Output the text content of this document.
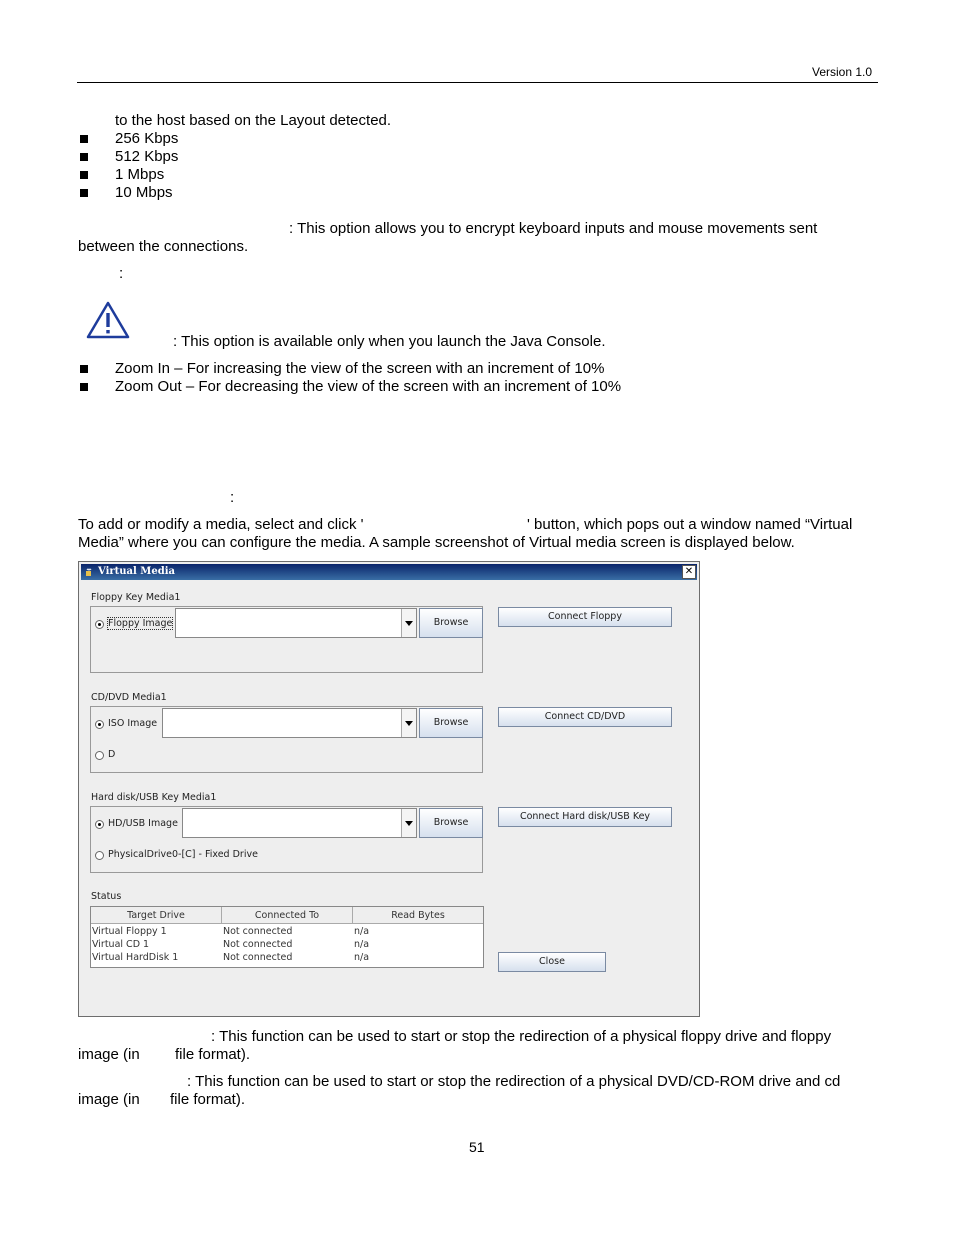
Version 1.0
to the host based on the Layout detected.
256 Kbps
512 Kbps
1 Mbps
10 Mbps
: This option allows you to encrypt keyboard inputs and mouse movements sent
between the connections.
:
: This option is available only when you launch the Java Console.
Zoom In – For increasing the view of the screen with an increment of 10%
Zoom Out – For decreasing the view of the screen with an increment of 10%
:
To add or modify a media, select and click '	' button, which pops out a window named “Virtual
Media” where you can configure the media. A sample screenshot of Virtual media screen is displayed below.
Virtual Media	✕
Floppy Key Media1
Floppy Image	Browse
Connect Floppy
CD/DVD Media1
ISO Image	Browse
D
Connect CD/DVD
Hard disk/USB Key Media1
HD/USB Image	Browse
PhysicalDrive0-[C] - Fixed Drive
Connect Hard disk/USB Key
Status
Target Drive	Connected To	Read Bytes
Virtual Floppy 1	Not connected	n/a
Virtual CD 1	Not connected	n/a
Virtual HardDisk 1	Not connected	n/a	Close
: This function can be used to start or stop the redirection of a physical floppy drive and floppy
image (in file format).
: This function can be used to start or stop the redirection of a physical DVD/CD-ROM drive and cd
image (in file format).
51
